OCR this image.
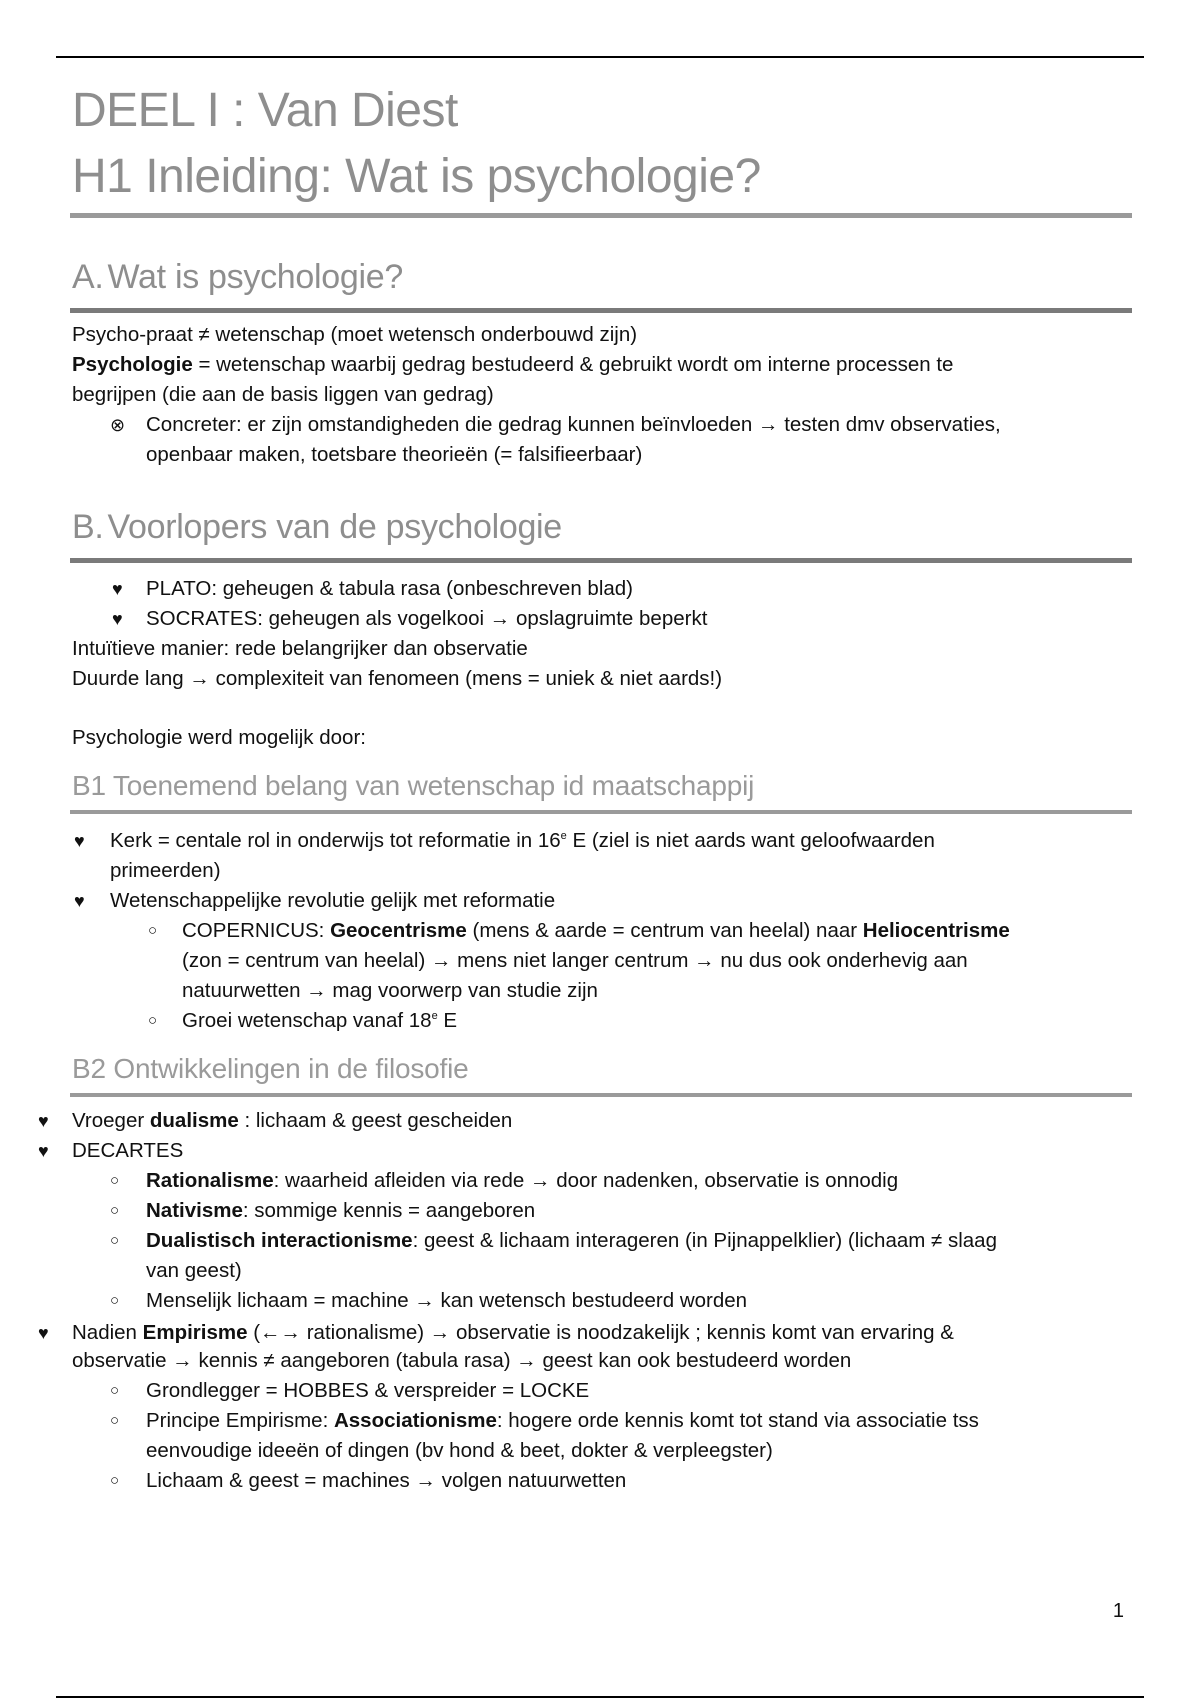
DEEL I : Van Diest
H1 Inleiding: Wat is psychologie?
A. Wat is psychologie?
Psycho-praat ≠ wetenschap (moet wetensch onderbouwd zijn)
Psychologie = wetenschap waarbij gedrag bestudeerd & gebruikt wordt om interne processen te
begrijpen (die aan de basis liggen van gedrag)
⊗ Concreter: er zijn omstandigheden die gedrag kunnen beïnvloeden → testen dmv observaties,
openbaar maken, toetsbare theorieën (= falsifieerbaar)
B. Voorlopers van de psychologie
♥ PLATO: geheugen & tabula rasa (onbeschreven blad)
♥ SOCRATES: geheugen als vogelkooi → opslagruimte beperkt
Intuïtieve manier: rede belangrijker dan observatie
Duurde lang → complexiteit van fenomeen (mens = uniek & niet aards!)
Psychologie werd mogelijk door:
B1 Toenemend belang van wetenschap id maatschappij
♥ Kerk = centale rol in onderwijs tot reformatie in 16e E (ziel is niet aards want geloofwaarden
primeerden)
♥ Wetenschappelijke revolutie gelijk met reformatie
○ COPERNICUS: Geocentrisme (mens & aarde = centrum van heelal) naar Heliocentrisme
(zon = centrum van heelal) → mens niet langer centrum → nu dus ook onderhevig aan
natuurwetten → mag voorwerp van studie zijn
○ Groei wetenschap vanaf 18e E
B2 Ontwikkelingen in de filosofie
♥ Vroeger dualisme : lichaam & geest gescheiden
♥ DECARTES
○ Rationalisme: waarheid afleiden via rede → door nadenken, observatie is onnodig
○ Nativisme: sommige kennis = aangeboren
○ Dualistisch interactionisme: geest & lichaam interageren (in Pijnappelklier) (lichaam ≠ slaag
van geest)
○ Menselijk lichaam = machine → kan wetensch bestudeerd worden
♥ Nadien Empirisme (←→ rationalisme) → observatie is noodzakelijk ; kennis komt van ervaring &
observatie → kennis ≠ aangeboren (tabula rasa) → geest kan ook bestudeerd worden
○ Grondlegger = HOBBES & verspreider = LOCKE
○ Principe Empirisme: Associationisme: hogere orde kennis komt tot stand via associatie tss
eenvoudige ideeën of dingen (bv hond & beet, dokter & verpleegster)
○ Lichaam & geest = machines → volgen natuurwetten
1
